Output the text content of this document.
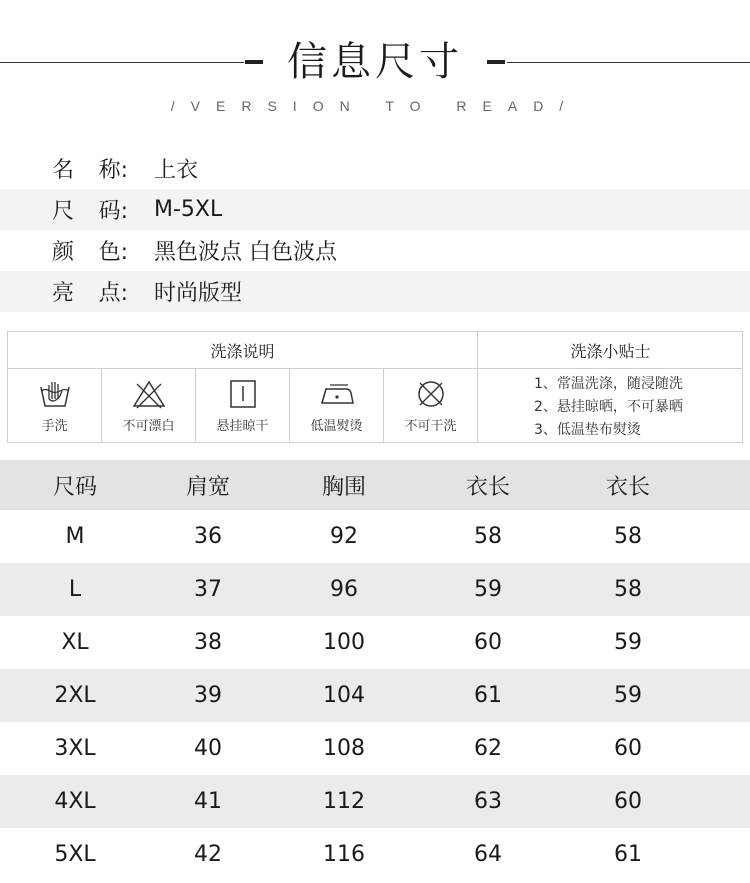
信息尺寸
/VERSION TO READ/
名 称: 上衣
尺 码: M-5XL
颜 色: 黑色波点 白色波点
亮 点: 时尚版型
洗涤说明	洗涤小贴士
手洗	不可漂白	悬挂晾干	低温熨烫	不可干洗
1、常温洗涤，随浸随洗
2、悬挂晾晒，不可暴晒
3、低温垫布熨烫
尺码	肩宽	胸围	衣长	衣长
M	36	92	58	58
L	37	96	59	58
XL	38	100	60	59
2XL	39	104	61	59
3XL	40	108	62	60
4XL	41	112	63	60
5XL	42	116	64	61
